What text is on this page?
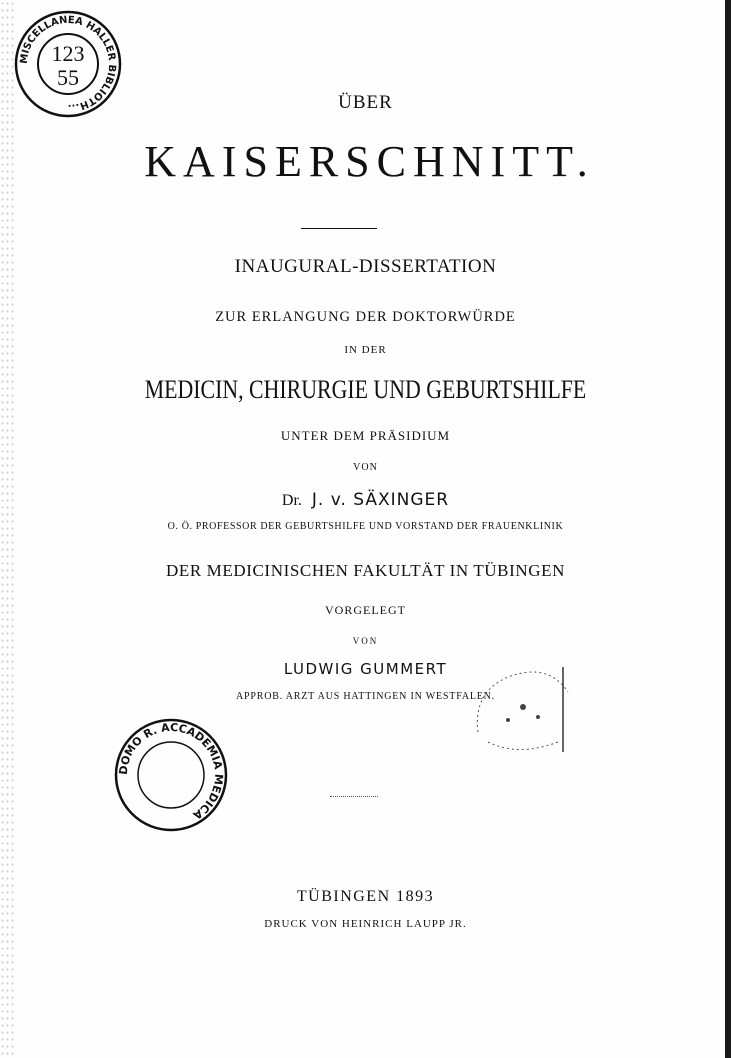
MISCELLANEA HALLER BIBLIOTH...
123
55
ÜBER
KAISERSCHNITT.
INAUGURAL-DISSERTATION
ZUR ERLANGUNG DER DOKTORWÜRDE
IN DER
MEDICIN, CHIRURGIE UND GEBURTSHILFE
UNTER DEM PRÄSIDIUM
VON
Dr. J. v. SÄXINGER
O. Ö. PROFESSOR DER GEBURTSHILFE UND VORSTAND DER FRAUENKLINIK
DER MEDICINISCHEN FAKULTÄT IN TÜBINGEN
VORGELEGT
VON
LUDWIG GUMMERT
APPROB. ARZT AUS HATTINGEN IN WESTFALEN.
DOMO R. ACCADEMIA MEDICA
TÜBINGEN 1893
DRUCK VON HEINRICH LAUPP JR.
